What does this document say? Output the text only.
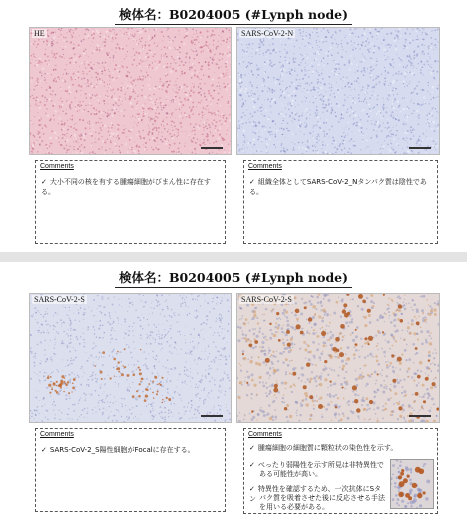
検体名：B0204005 (#Lynph node)
HE	SARS-CoV-2-N
Comments
✓ 大小不同の核を有する腫瘍細胞がびまん性に存在する。
Comments
✓ 組織全体としてSARS-CoV-2_Nタンパク質は陰性である。
検体名：B0204005 (#Lynph node)
SARS-CoV-2-S	SARS-CoV-2-S
Comments
✓ SARS-CoV-2_S陽性細胞がFocalに存在する。
Comments
✓ 腫瘍細胞の細胞質に顆粒状の染色性を示す。
✓ べったり弱陽性を示す所見は非特異性で
ある可能性が高い。
✓ 特異性を確認するため、一次抗体にSタン パク質を吸着させた後に反応させる手法
を用いる必要がある。
